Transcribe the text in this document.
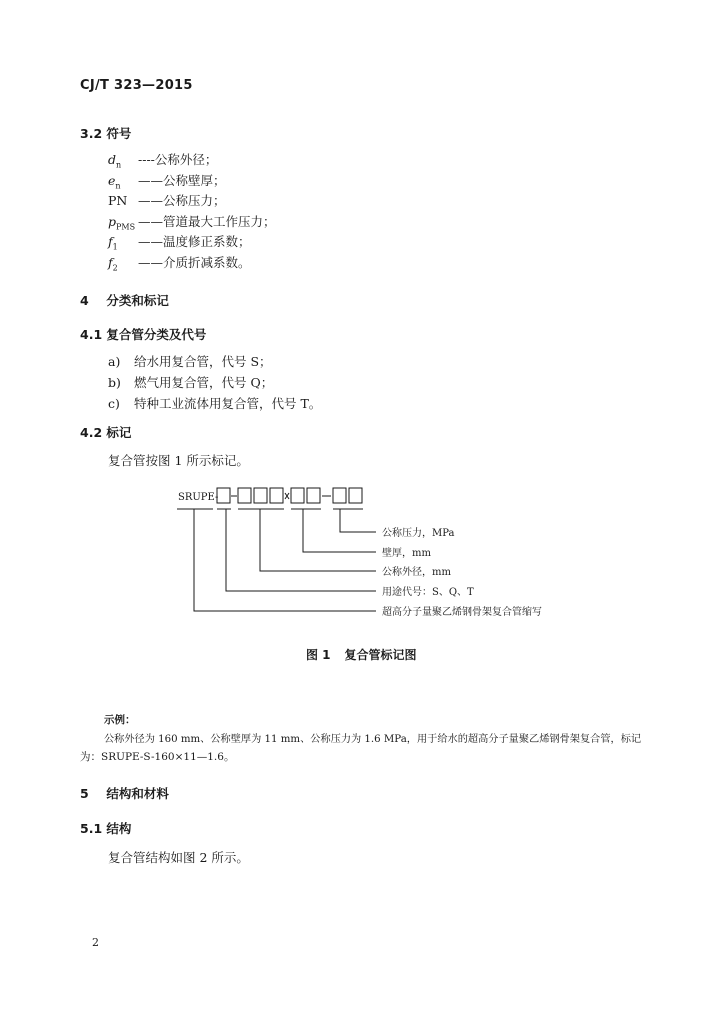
CJ/T 323—2015
3.2 符号
$d_n$ ----公称外径；
$e_n$ ——公称壁厚；
PN ——公称压力；
$p_{PMS}$ ——管道最大工作压力；
$f_1$ ——温度修正系数；
$f_2$ ——介质折减系数。
4 分类和标记
4.1 复合管分类及代号
a) 给水用复合管，代号 S；
b) 燃气用复合管，代号 Q；
c) 特种工业流体用复合管，代号 T。
4.2 标记
复合管按图 1 所示标记。
SRUPE-
公称压力，MPa
壁厚，mm
公称外径，mm
用途代号：S、Q、T
超高分子量聚乙烯钢骨架复合管缩写
图 1 复合管标记图
示例：
公称外径为 160 mm、公称壁厚为 11 mm、公称压力为 1.6 MPa，用于给水的超高分子量聚乙烯钢骨架复合管，标记
为：SRUPE-S-160×11—1.6。
5 结构和材料
5.1 结构
复合管结构如图 2 所示。
2
